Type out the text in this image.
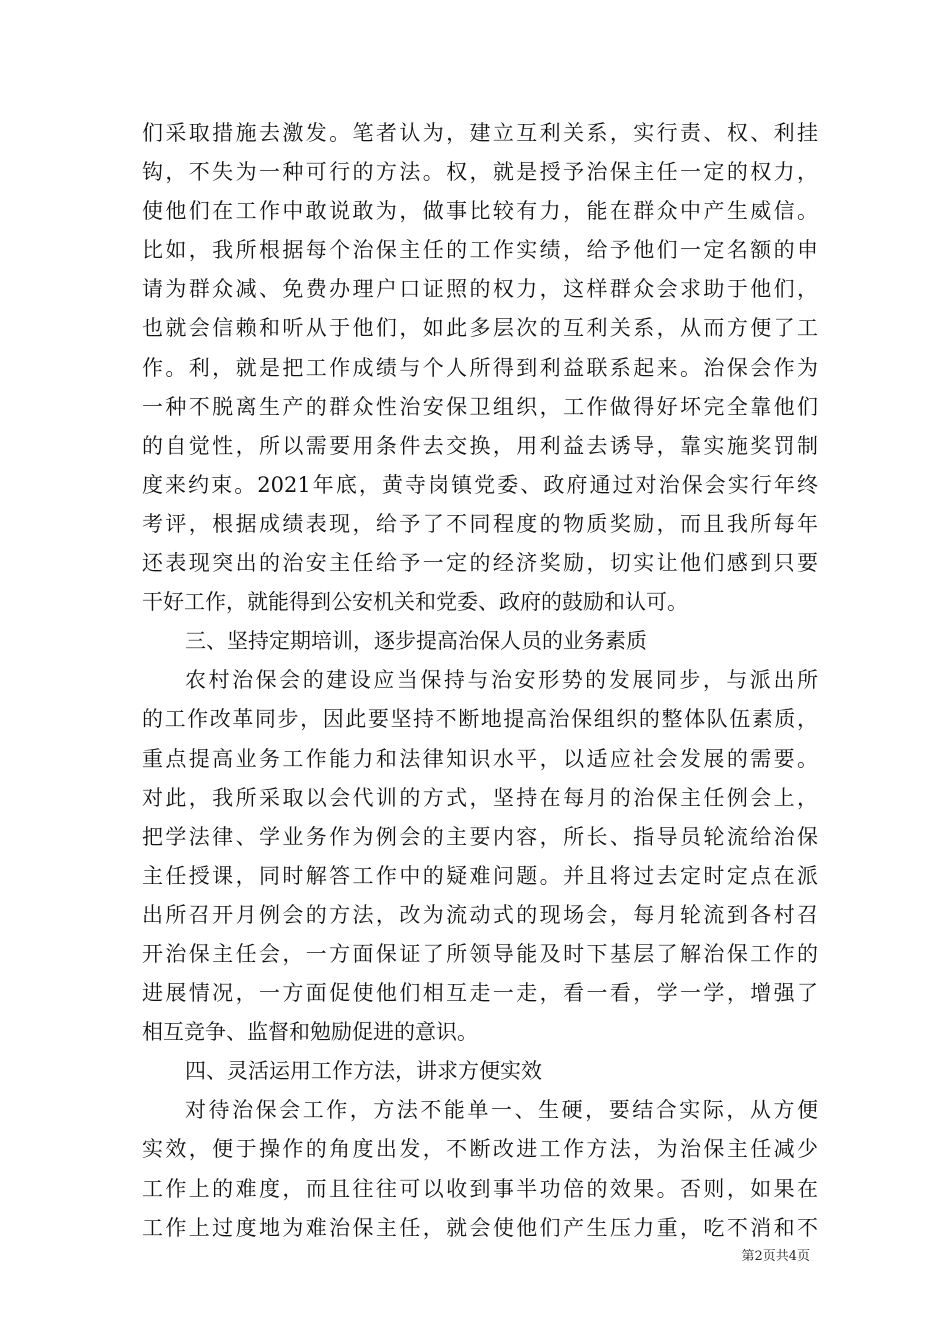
们采取措施去激发。笔者认为，建立互利关系，实行责、权、利挂
钩，不失为一种可行的方法。权，就是授予治保主任一定的权力，
使他们在工作中敢说敢为，做事比较有力，能在群众中产生威信。
比如，我所根据每个治保主任的工作实绩，给予他们一定名额的申
请为群众减、免费办理户口证照的权力，这样群众会求助于他们，
也就会信赖和听从于他们，如此多层次的互利关系，从而方便了工
作。利，就是把工作成绩与个人所得到利益联系起来。治保会作为
一种不脱离生产的群众性治安保卫组织，工作做得好坏完全靠他们
的自觉性，所以需要用条件去交换，用利益去诱导，靠实施奖罚制
度来约束。2021年底，黄寺岗镇党委、政府通过对治保会实行年终
考评，根据成绩表现，给予了不同程度的物质奖励，而且我所每年
还表现突出的治安主任给予一定的经济奖励，切实让他们感到只要
干好工作，就能得到公安机关和党委、政府的鼓励和认可。
三、坚持定期培训，逐步提高治保人员的业务素质
农村治保会的建设应当保持与治安形势的发展同步，与派出所
的工作改革同步，因此要坚持不断地提高治保组织的整体队伍素质，
重点提高业务工作能力和法律知识水平，以适应社会发展的需要。
对此，我所采取以会代训的方式，坚持在每月的治保主任例会上，
把学法律、学业务作为例会的主要内容，所长、指导员轮流给治保
主任授课，同时解答工作中的疑难问题。并且将过去定时定点在派
出所召开月例会的方法，改为流动式的现场会，每月轮流到各村召
开治保主任会，一方面保证了所领导能及时下基层了解治保工作的
进展情况，一方面促使他们相互走一走，看一看，学一学，增强了
相互竞争、监督和勉励促进的意识。
四、灵活运用工作方法，讲求方便实效
对待治保会工作，方法不能单一、生硬，要结合实际，从方便
实效，便于操作的角度出发，不断改进工作方法，为治保主任减少
工作上的难度，而且往往可以收到事半功倍的效果。否则，如果在
工作上过度地为难治保主任，就会使他们产生压力重，吃不消和不
第2页共4页
